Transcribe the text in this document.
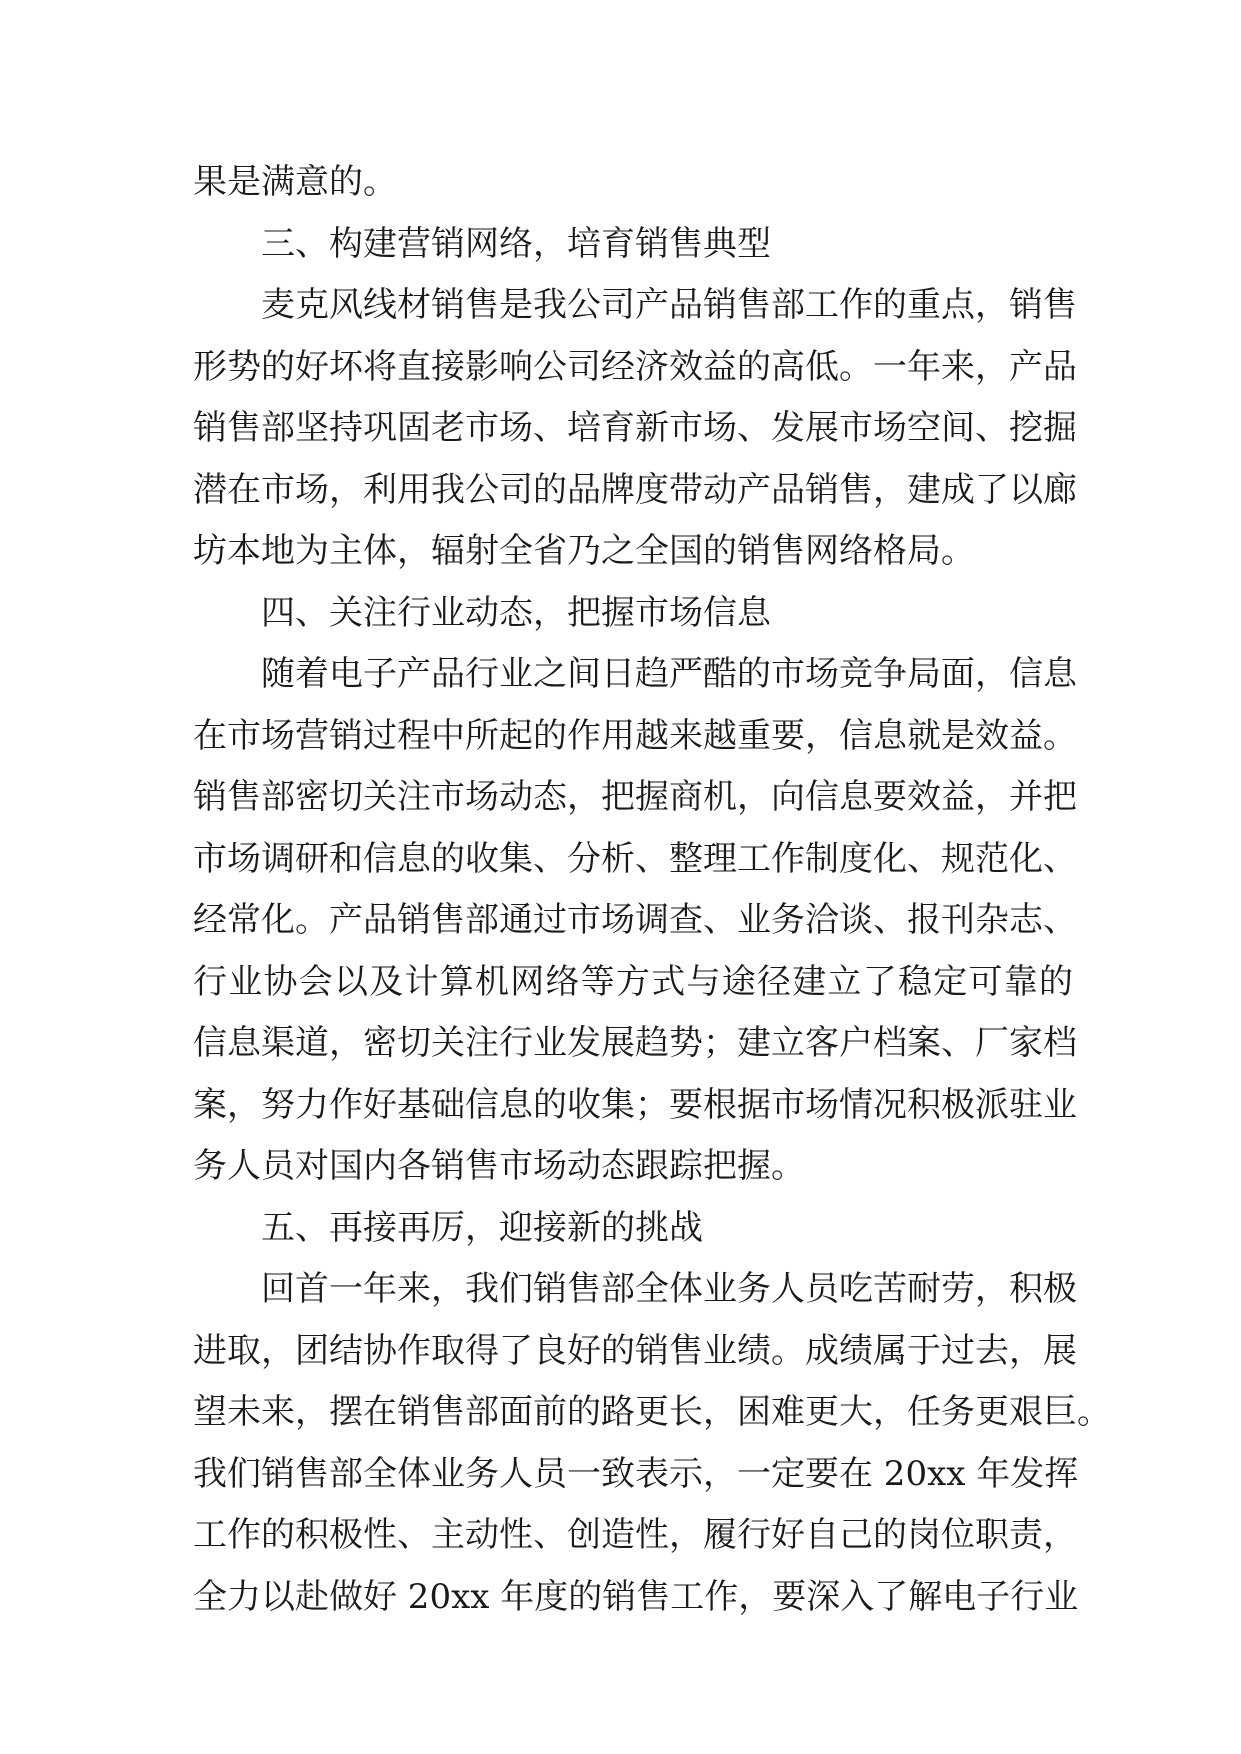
果是满意的。
三、构建营销网络，培育销售典型
麦克风线材销售是我公司产品销售部工作的重点，销售
形势的好坏将直接影响公司经济效益的高低。一年来，产品
销售部坚持巩固老市场、培育新市场、发展市场空间、挖掘
潜在市场，利用我公司的品牌度带动产品销售，建成了以廊
坊本地为主体，辐射全省乃之全国的销售网络格局。
四、关注行业动态，把握市场信息
随着电子产品行业之间日趋严酷的市场竞争局面，信息
在市场营销过程中所起的作用越来越重要，信息就是效益。
销售部密切关注市场动态，把握商机，向信息要效益，并把
市场调研和信息的收集、分析、整理工作制度化、规范化、
经常化。产品销售部通过市场调查、业务洽谈、报刊杂志、
行业协会以及计算机网络等方式与途径建立了稳定可靠的
信息渠道，密切关注行业发展趋势；建立客户档案、厂家档
案，努力作好基础信息的收集；要根据市场情况积极派驻业
务人员对国内各销售市场动态跟踪把握。
五、再接再厉，迎接新的挑战
回首一年来，我们销售部全体业务人员吃苦耐劳，积极
进取，团结协作取得了良好的销售业绩。成绩属于过去，展
望未来，摆在销售部面前的路更长，困难更大，任务更艰巨。
我们销售部全体业务人员一致表示，一定要在 20xx 年发挥
工作的积极性、主动性、创造性，履行好自己的岗位职责，
全力以赴做好 20xx 年度的销售工作，要深入了解电子行业
